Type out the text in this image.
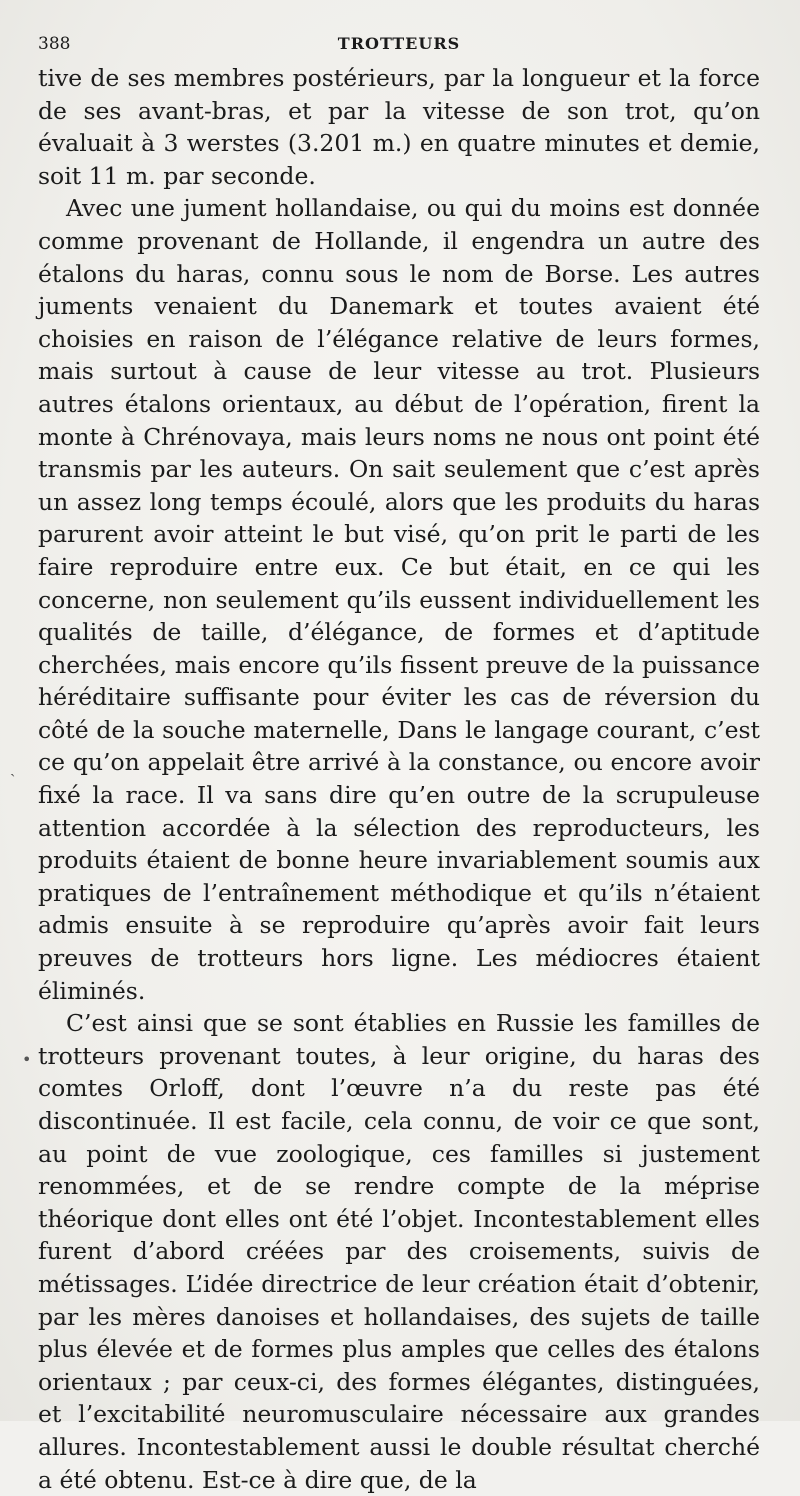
388	TROTTEURS

tive de ses membres postérieurs, par la longueur et la force de ses avant-bras, et par la vitesse de son trot, qu’on évaluait à 3 werstes (3.201 m.) en quatre minutes et demie, soit 11 m. par seconde.

Avec une jument hollandaise, ou qui du moins est donnée comme provenant de Hollande, il engendra un autre des étalons du haras, connu sous le nom de Borse. Les autres juments venaient du Danemark et toutes avaient été choisies en raison de l’élégance relative de leurs formes, mais surtout à cause de leur vitesse au trot. Plusieurs autres étalons orientaux, au début de l’opération, firent la monte à Chrénovaya, mais leurs noms ne nous ont point été transmis par les auteurs. On sait seulement que c’est après un assez long temps écoulé, alors que les produits du haras parurent avoir atteint le but visé, qu’on prit le parti de les faire reproduire entre eux. Ce but était, en ce qui les concerne, non seulement qu’ils eussent individuellement les qualités de taille, d’élégance, de formes et d’aptitude cherchées, mais encore qu’ils fissent preuve de la puissance héréditaire suffisante pour éviter les cas de réversion du côté de la souche maternelle, Dans le langage courant, c’est ce qu’on appelait être arrivé à la constance, ou encore avoir fixé la race. Il va sans dire qu’en outre de la scrupuleuse attention accordée à la sélection des reproducteurs, les produits étaient de bonne heure invariablement soumis aux pratiques de l’entraînement méthodique et qu’ils n’étaient admis ensuite à se reproduire qu’après avoir fait leurs preuves de trotteurs hors ligne. Les médiocres étaient éliminés.

C’est ainsi que se sont établies en Russie les familles de trotteurs provenant toutes, à leur origine, du haras des comtes Orloff, dont l’œuvre n’a du reste pas été discontinuée. Il est facile, cela connu, de voir ce que sont, au point de vue zoologique, ces familles si justement renommées, et de se rendre compte de la méprise théorique dont elles ont été l’objet. Incontestablement elles furent d’abord créées par des croisements, suivis de métissages. L’idée directrice de leur création était d’obtenir, par les mères danoises et hollandaises, des sujets de taille plus élevée et de formes plus amples que celles des étalons orientaux ; par ceux-ci, des formes élégantes, distinguées, et l’excitabilité neuromusculaire nécessaire aux grandes allures. Incontestablement aussi le double résultat cherché a été obtenu. Est-ce à dire que, de la

ˏ
•
